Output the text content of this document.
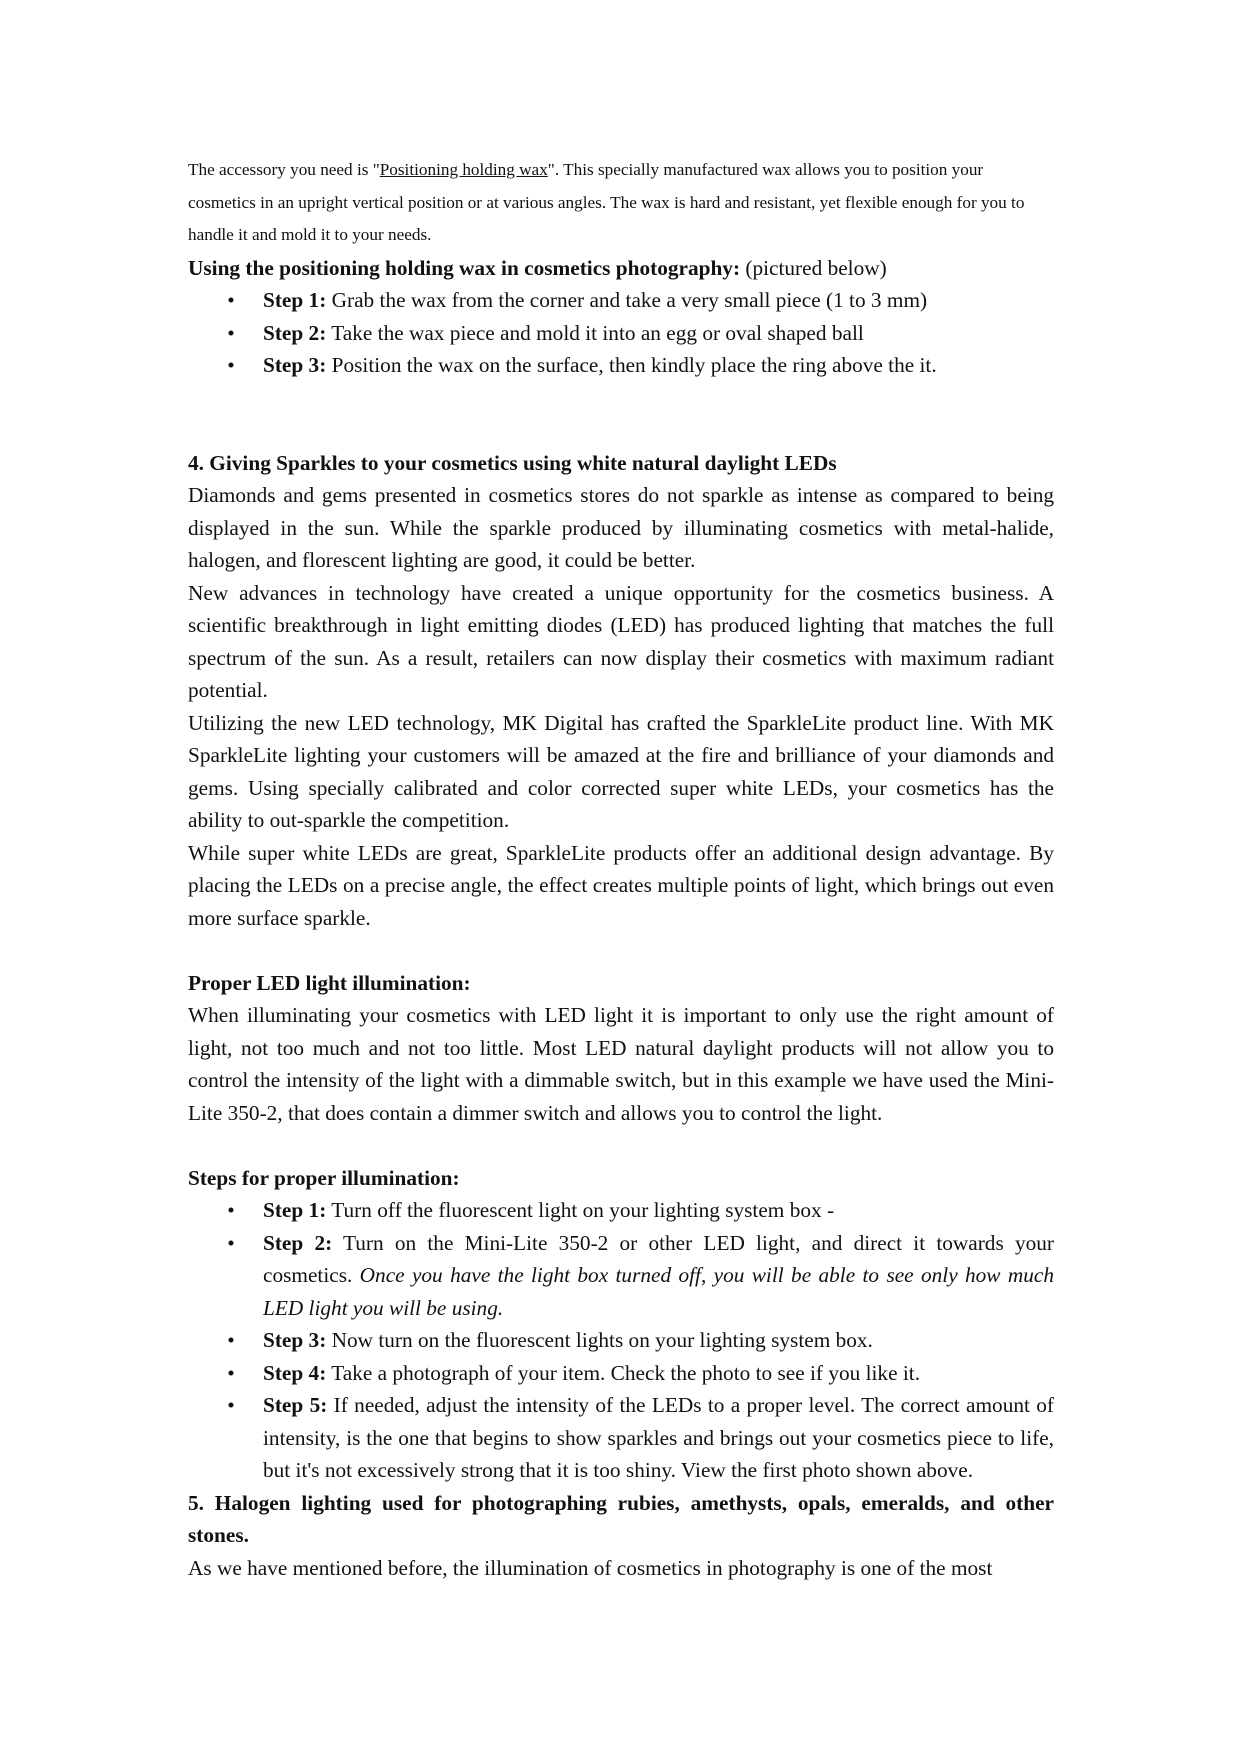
The accessory you need is "Positioning holding wax". This specially manufactured wax allows you to position your cosmetics in an upright vertical position or at various angles. The wax is hard and resistant, yet flexible enough for you to handle it and mold it to your needs.

Using the positioning holding wax in cosmetics photography: (pictured below)

• Step 1: Grab the wax from the corner and take a very small piece (1 to 3 mm)
• Step 2: Take the wax piece and mold it into an egg or oval shaped ball
• Step 3: Position the wax on the surface, then kindly place the ring above the it.

4. Giving Sparkles to your cosmetics using white natural daylight LEDs

Diamonds and gems presented in cosmetics stores do not sparkle as intense as compared to being displayed in the sun. While the sparkle produced by illuminating cosmetics with metal-halide, halogen, and florescent lighting are good, it could be better.

New advances in technology have created a unique opportunity for the cosmetics business. A scientific breakthrough in light emitting diodes (LED) has produced lighting that matches the full spectrum of the sun. As a result, retailers can now display their cosmetics with maximum radiant potential.

Utilizing the new LED technology, MK Digital has crafted the SparkleLite product line. With MK SparkleLite lighting your customers will be amazed at the fire and brilliance of your diamonds and gems. Using specially calibrated and color corrected super white LEDs, your cosmetics has the ability to out-sparkle the competition.

While super white LEDs are great, SparkleLite products offer an additional design advantage. By placing the LEDs on a precise angle, the effect creates multiple points of light, which brings out even more surface sparkle.

Proper LED light illumination:

When illuminating your cosmetics with LED light it is important to only use the right amount of light, not too much and not too little. Most LED natural daylight products will not allow you to control the intensity of the light with a dimmable switch, but in this example we have used the Mini-Lite 350-2, that does contain a dimmer switch and allows you to control the light.

Steps for proper illumination:

• Step 1: Turn off the fluorescent light on your lighting system box -
• Step 2: Turn on the Mini-Lite 350-2 or other LED light, and direct it towards your cosmetics. Once you have the light box turned off, you will be able to see only how much LED light you will be using.
• Step 3: Now turn on the fluorescent lights on your lighting system box.
• Step 4: Take a photograph of your item. Check the photo to see if you like it.
• Step 5: If needed, adjust the intensity of the LEDs to a proper level. The correct amount of intensity, is the one that begins to show sparkles and brings out your cosmetics piece to life, but it's not excessively strong that it is too shiny. View the first photo shown above.

5. Halogen lighting used for photographing rubies, amethysts, opals, emeralds, and other stones.

As we have mentioned before, the illumination of cosmetics in photography is one of the most
